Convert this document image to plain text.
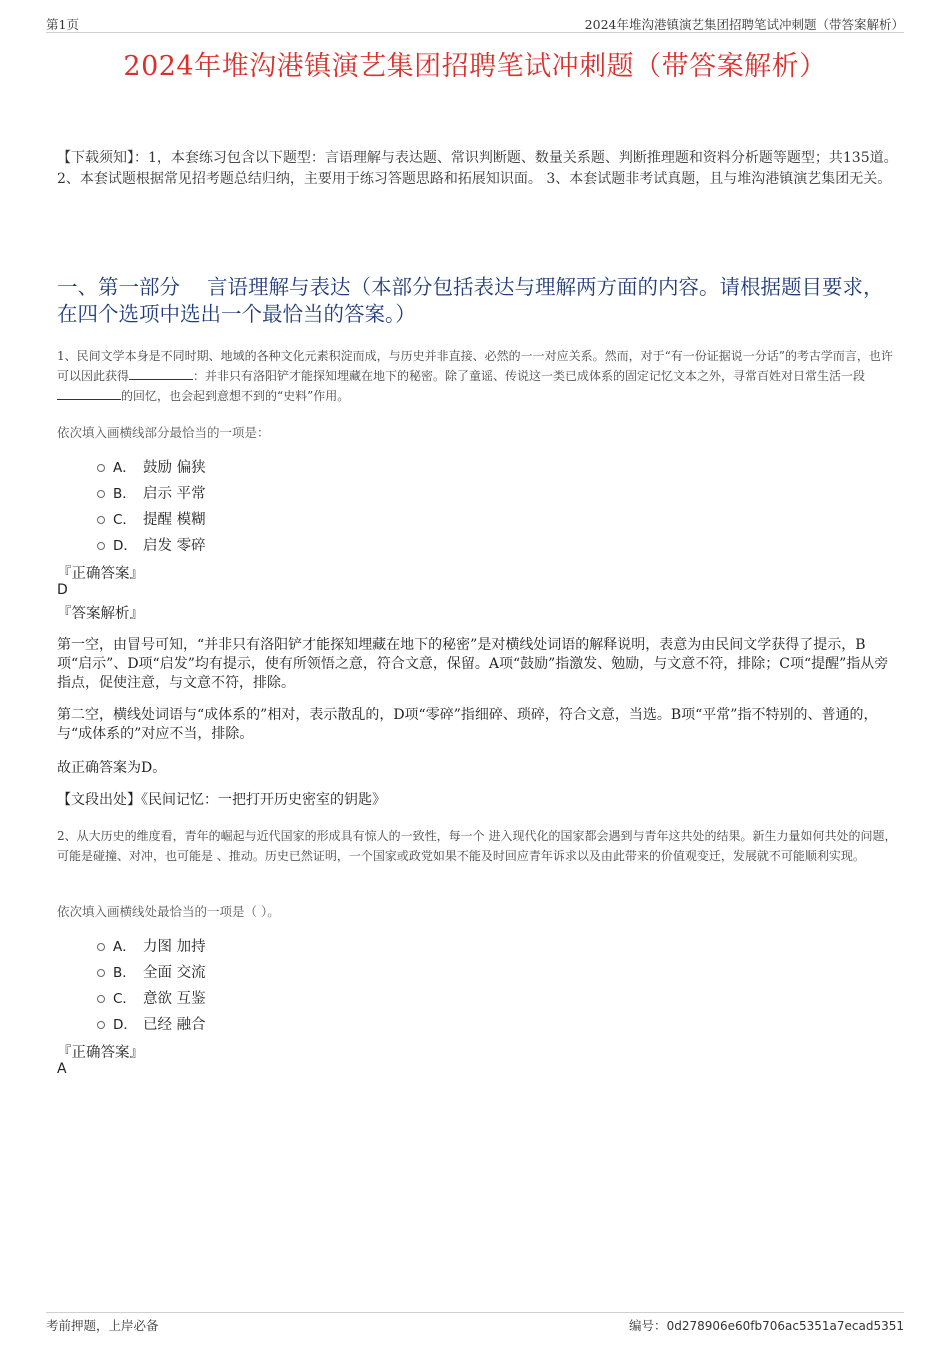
第1页	2024年堆沟港镇演艺集团招聘笔试冲刺题（带答案解析）
2024年堆沟港镇演艺集团招聘笔试冲刺题（带答案解析）
【下载须知】：1，本套练习包含以下题型：言语理解与表达题、常识判断题、数量关系题、判断推理题和资料分析题等题型；共135道。 2、本套试题根据常见招考题总结归纳，主要用于练习答题思路和拓展知识面。 3、本套试题非考试真题，且与堆沟港镇演艺集团无关。
一、第一部分　 言语理解与表达（本部分包括表达与理解两方面的内容。请根据题目要求，在四个选项中选出一个最恰当的答案。）
1、民间文学本身是不同时期、地域的各种文化元素积淀而成，与历史并非直接、必然的一一对应关系。然而，对于“有一份证据说一分话”的考古学而言，也许可以因此获得	：并非只有洛阳铲才能探知埋藏在地下的秘密。除了童谣、传说这一类已成体系的固定记忆文本之外，寻常百姓对日常生活一段的回忆，也会起到意想不到的“史料”作用。
依次填入画横线部分最恰当的一项是：
A． 鼓励 偏狭
B． 启示 平常
C． 提醒 模糊
D． 启发 零碎
『正确答案』
D
『答案解析』
第一空，由冒号可知，“并非只有洛阳铲才能探知埋藏在地下的秘密”是对横线处词语的解释说明，表意为由民间文学获得了提示，B项“启示”、D项“启发”均有提示，使有所领悟之意，符合文意，保留。A项“鼓励”指激发、勉励，与文意不符，排除；C项“提醒”指从旁指点，促使注意，与文意不符，排除。
第二空，横线处词语与“成体系的”相对，表示散乱的，D项“零碎”指细碎、琐碎，符合文意，当选。B项“平常”指不特别的、普通的，与“成体系的”对应不当，排除。
故正确答案为D。
【文段出处】《民间记忆：一把打开历史密室的钥匙》
2、从大历史的维度看，青年的崛起与近代国家的形成具有惊人的一致性，每一个 进入现代化的国家都会遇到与青年这共处的结果。新生力量如何共处的问题，可能是碰撞、对冲，也可能是 、推动。历史已然证明，一个国家或政党如果不能及时回应青年诉求以及由此带来的价值观变迁，发展就不可能顺利实现。
依次填入画横线处最恰当的一项是（ ）。
A． 力图 加持
B． 全面 交流
C． 意欲 互鉴
D． 已经 融合
『正确答案』
A
考前押题，上岸必备	编号：0d278906e60fb706ac5351a7ecad5351
